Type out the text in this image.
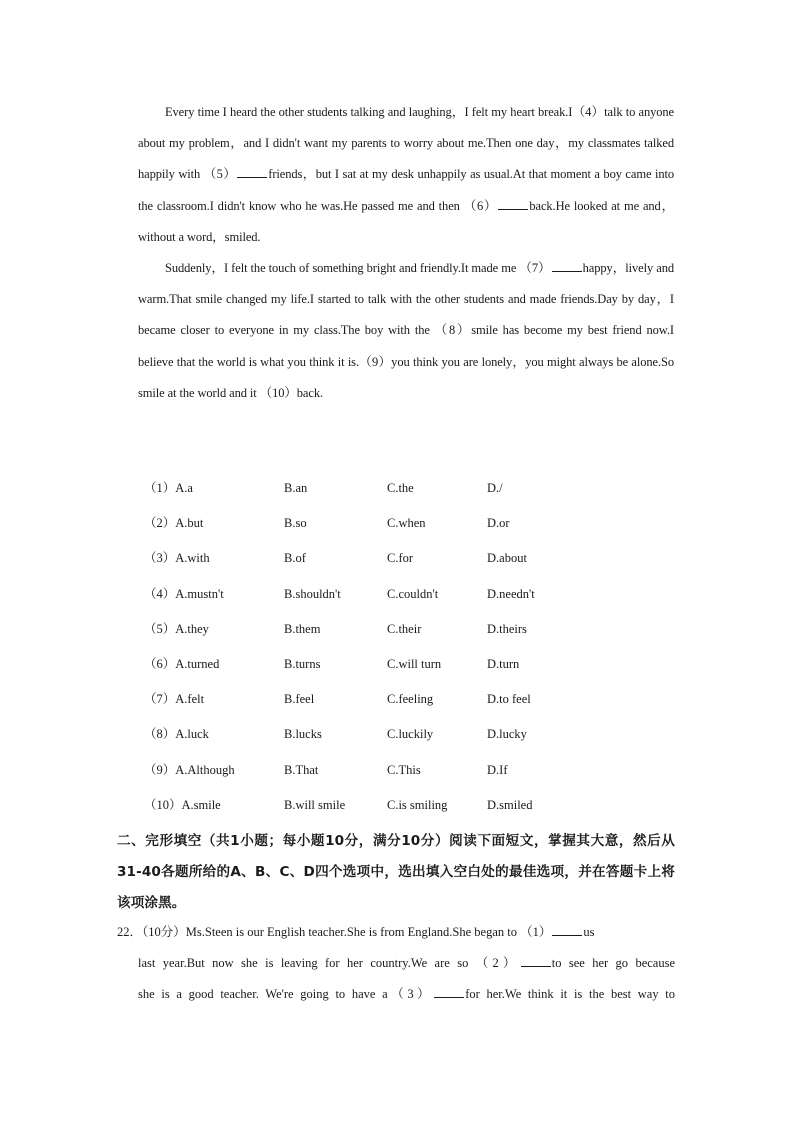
Every time I heard the other students talking and laughing，I felt my heart break.I（4）talk to anyone about my problem，and I didn't want my parents to worry about me.Then one day，my classmates talked happily with （5）	friends，but I sat at my desk unhappily as usual.At that moment a boy came into the classroom.I didn't know who he was.He passed me and then （6）	back.He looked at me and，without a word，smiled.

Suddenly，I felt the touch of something bright and friendly.It made me （7）	happy，lively and warm.That smile changed my life.I started to talk with the other students and made friends.Day by day，I became closer to everyone in my class.The boy with the （8）smile has become my best friend now.I believe that the world is what you think it is.（9）you think you are lonely，you might always be alone.So smile at the world and it （10）back.

（1）A.a	B.an	C.the	D./
（2）A.but	B.so	C.when	D.or
（3）A.with	B.of	C.for	D.about
（4）A.mustn't	B.shouldn't	C.couldn't	D.needn't
（5）A.they	B.them	C.their	D.theirs
（6）A.turned	B.turns	C.will turn	D.turn
（7）A.felt	B.feel	C.feeling	D.to feel
（8）A.luck	B.lucks	C.luckily	D.lucky
（9）A.Although	B.That	C.This	D.If
（10）A.smile	B.will smile	C.is smiling	D.smiled
二、完形填空（共1小题；每小题10分，满分10分）阅读下面短文，掌握其大意，然后从31-40各题所给的A、B、C、D四个选项中，选出填入空白处的最佳选项，并在答题卡上将该项涂黑。
22．（10分）Ms.Steen is our English teacher.She is from England.She began to （1）	us
last year.But now she is leaving for her country.We are so （2）	to see her go because
she is a good teacher. We're going to have a（3）	for her.We think it is the best way to
